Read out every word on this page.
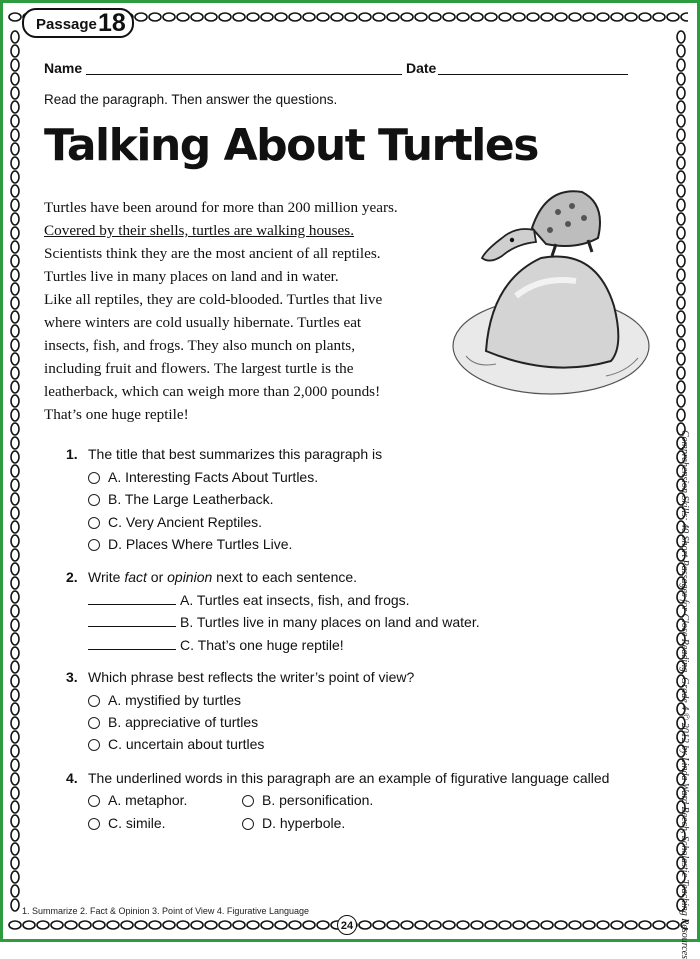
Passage 18
Name	Date
Read the paragraph. Then answer the questions.
Talking About Turtles
Turtles have been around for more than 200 million years.
Covered by their shells, turtles are walking houses.
Scientists think they are the most ancient of all reptiles.
Turtles live in many places on land and in water.
Like all reptiles, they are cold-blooded. Turtles that live
where winters are cold usually hibernate. Turtles eat
insects, fish, and frogs. They also munch on plants,
including fruit and flowers. The largest turtle is the
leatherback, which can weigh more than 2,000 pounds!
That’s one huge reptile!
1. The title that best summarizes this paragraph is
A. Interesting Facts About Turtles.
B. The Large Leatherback.
C. Very Ancient Reptiles.
D. Places Where Turtles Live.
2. Write fact or opinion next to each sentence.
A. Turtles eat insects, fish, and frogs.
B. Turtles live in many places on land and water.
C. That’s one huge reptile!
3. Which phrase best reflects the writer’s point of view?
A. mystified by turtles
B. appreciative of turtles
C. uncertain about turtles
4. The underlined words in this paragraph are an example of figurative language called
A. metaphor.	B. personification.
C. simile.	D. hyperbole.	Comprehension Skills: 40 Short Passages for Close Reading, Grade 4 © 2012 by Linda Ward Beech, Scholastic Teaching Resources
1. Summarize 2. Fact & Opinion 3. Point of View 4. Figurative Language
24
